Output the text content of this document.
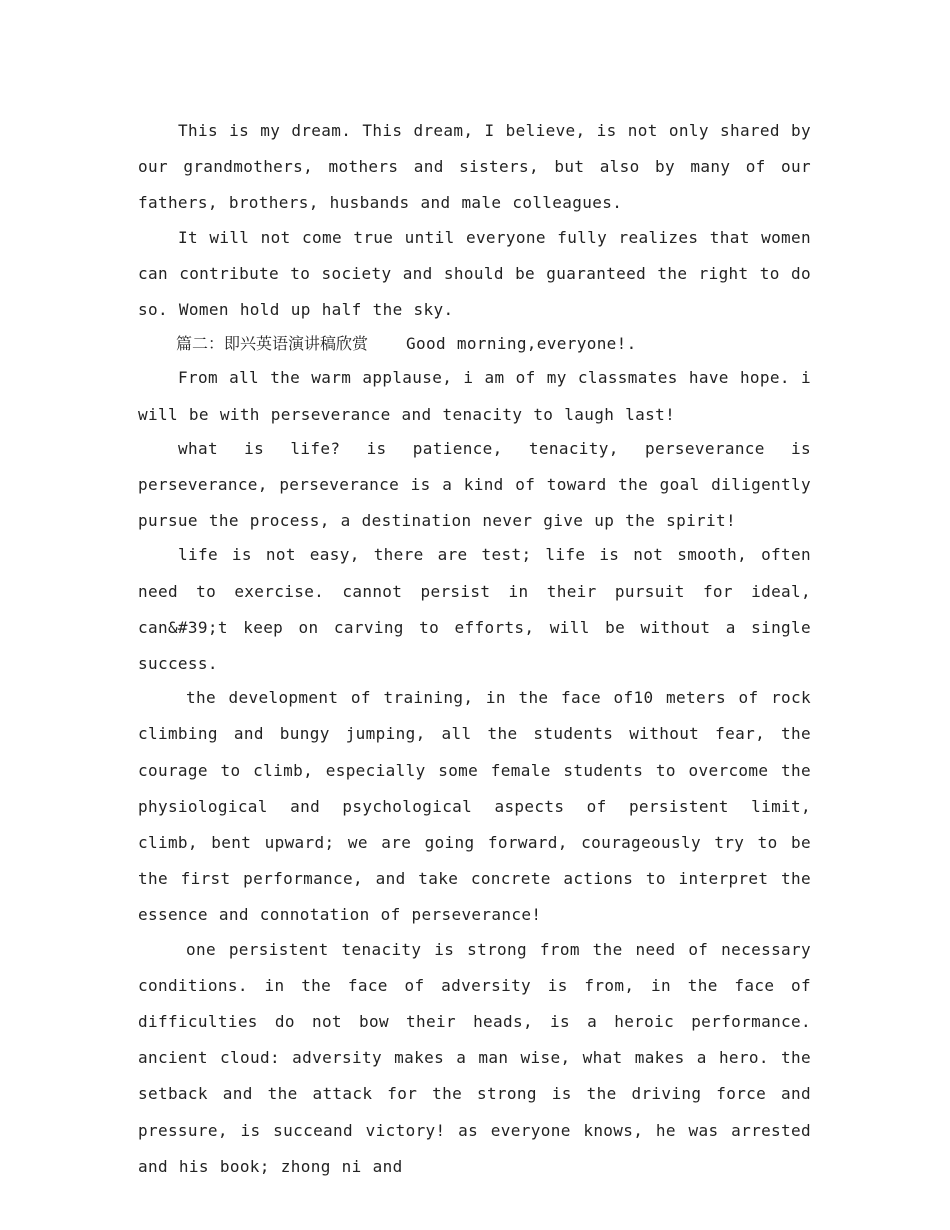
This is my dream. This dream, I believe, is not only shared by our grandmothers, mothers and sisters, but also by many of our fathers, brothers, husbands and male colleagues.

It will not come true until everyone fully realizes that women can contribute to society and should be guaranteed the right to do so. Women hold up half the sky.

篇二：即兴英语演讲稿欣赏 Good morning,everyone!.

From all the warm applause, i am of my classmates have hope. i will be with perseverance and tenacity to laugh last!

what is life? is patience, tenacity, perseverance is perseverance, perseverance is a kind of toward the goal diligently pursue the process, a destination never give up the spirit!

life is not easy, there are test; life is not smooth, often need to exercise. cannot persist in their pursuit for ideal, can&#39;t keep on carving to efforts, will be without a single success.

the development of training, in the face of10 meters of rock climbing and bungy jumping, all the students without fear, the courage to climb, especially some female students to overcome the physiological and psychological aspects of persistent limit, climb, bent upward; we are going forward, courageously try to be the first performance, and take concrete actions to interpret the essence and connotation of perseverance!

one persistent tenacity is strong from the need of necessary conditions. in the face of adversity is from, in the face of difficulties do not bow their heads, is a heroic performance. ancient cloud: adversity makes a man wise, what makes a hero. the setback and the attack for the strong is the driving force and pressure, is succeand victory! as everyone knows, he was arrested and his book; zhong ni and
